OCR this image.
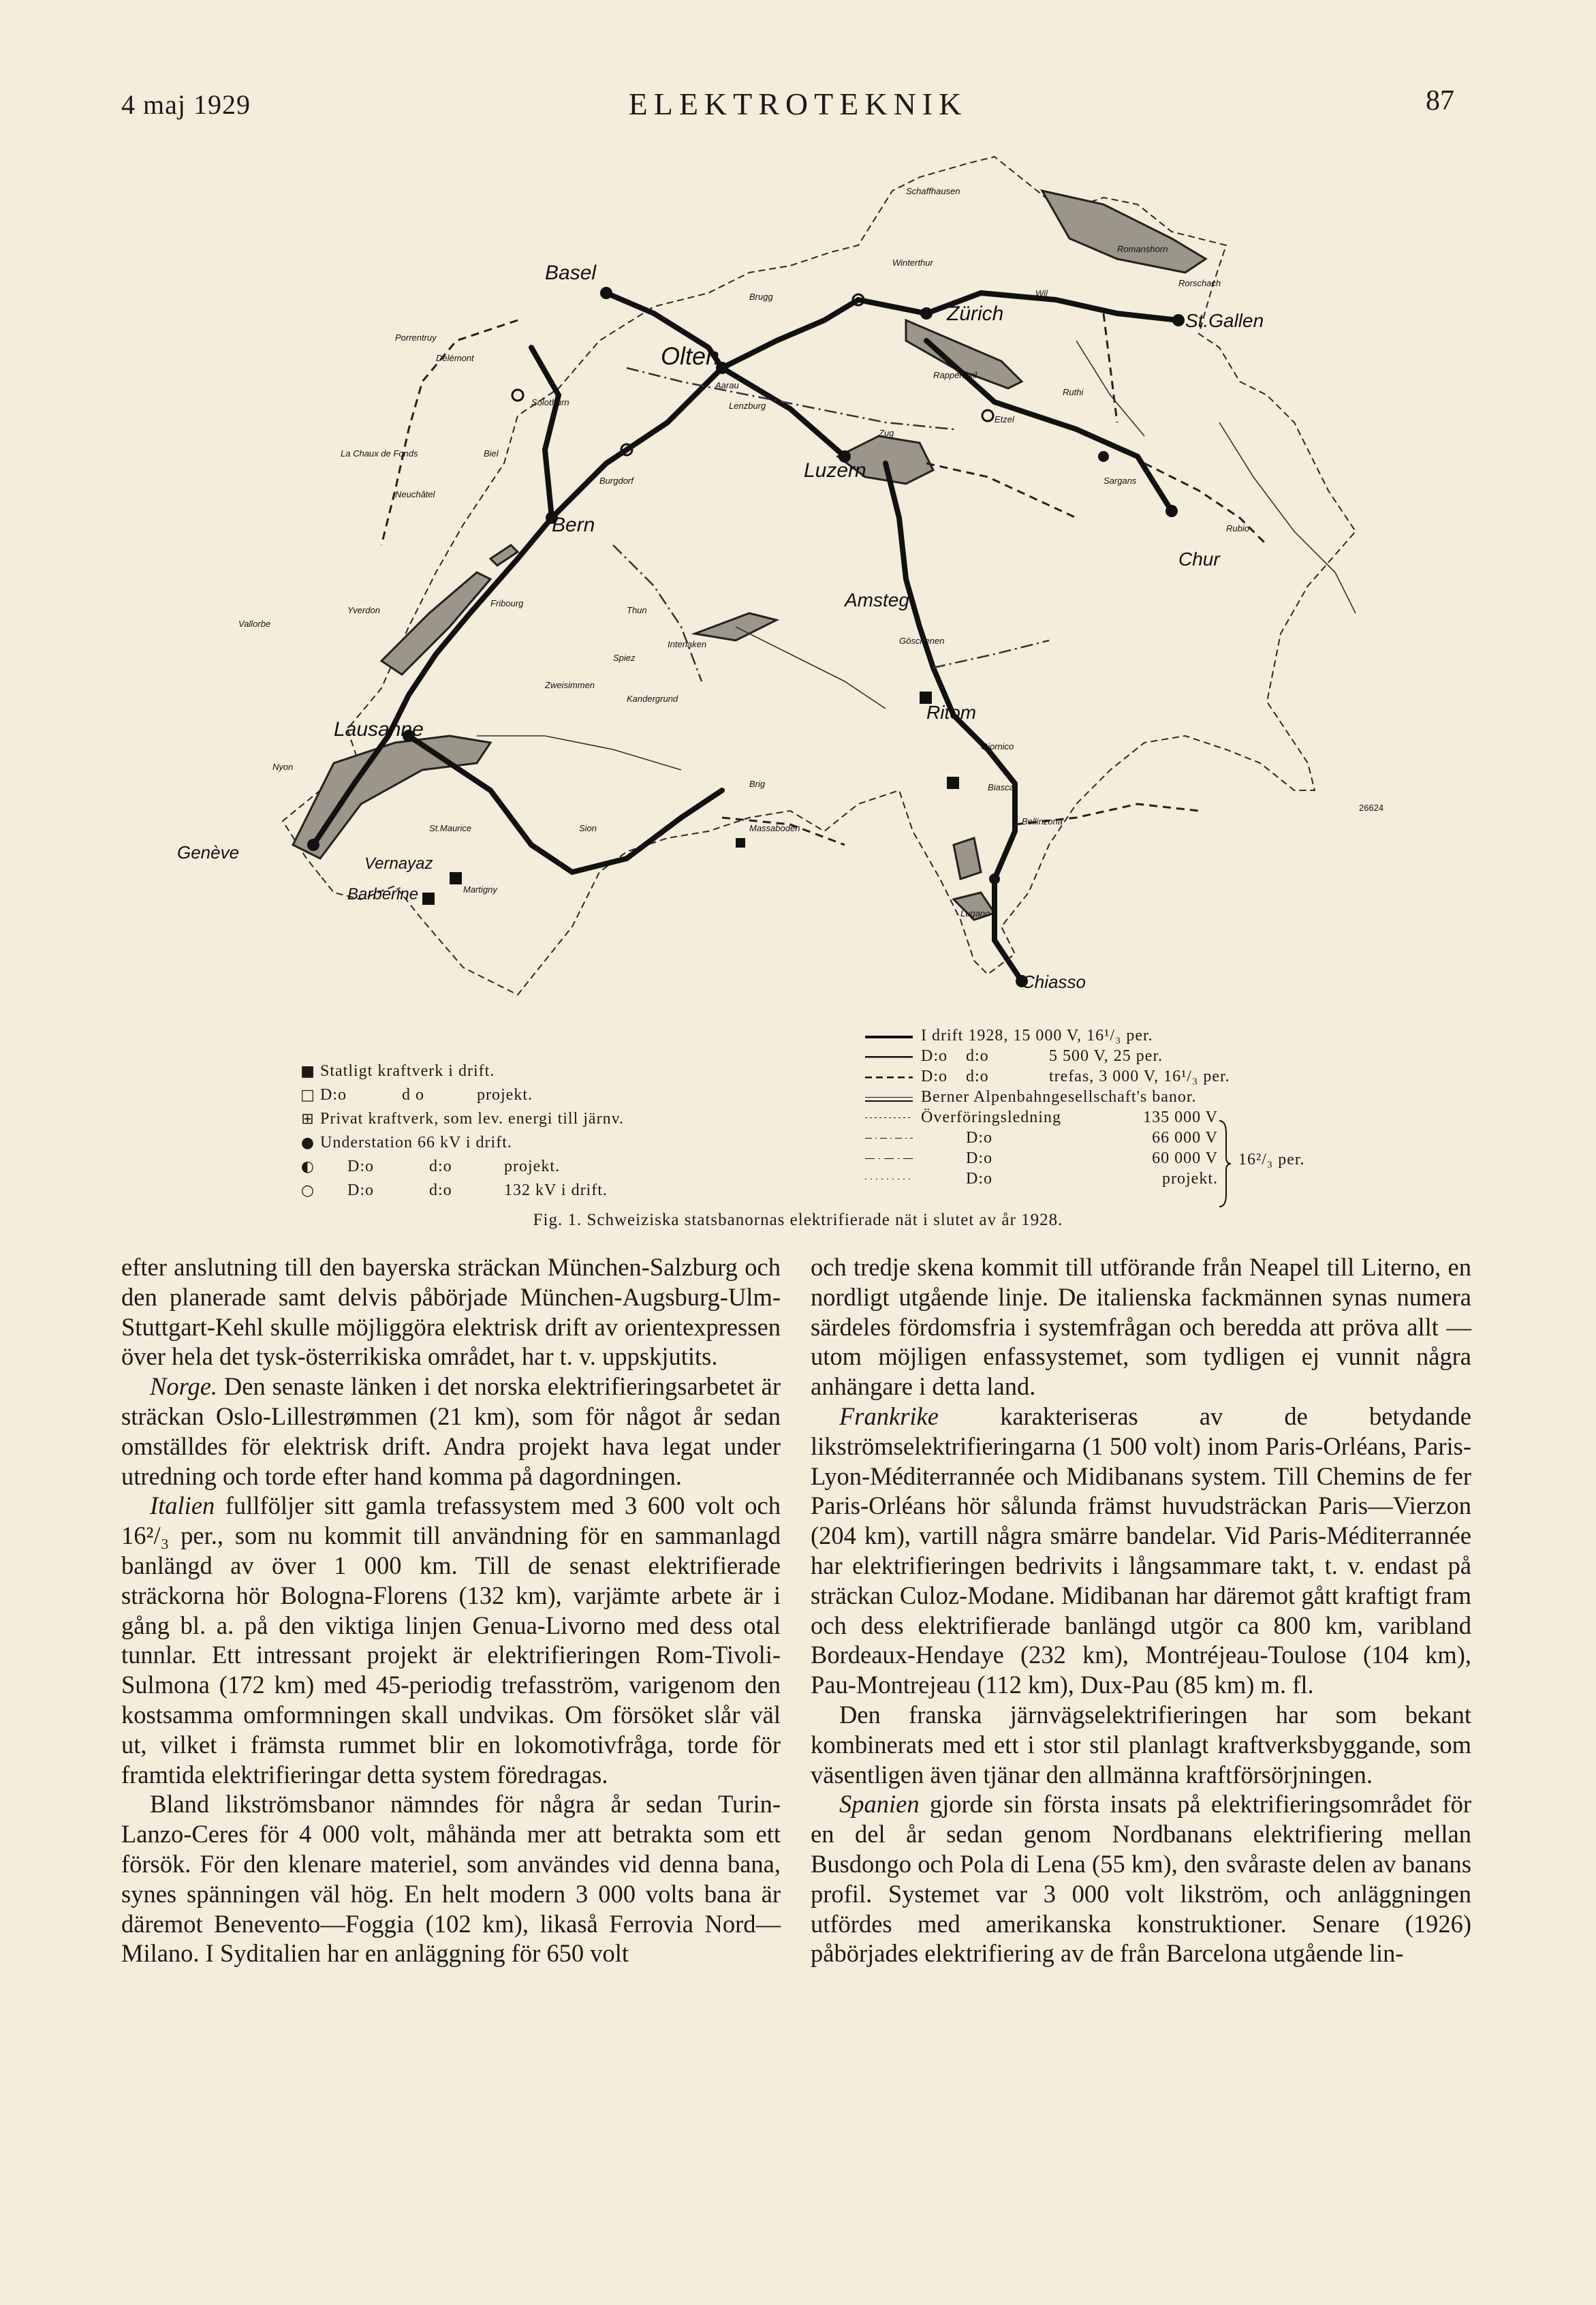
4 maj 1929	ELEKTROTEKNIK	87
Basel
Olten
Zürich	St.Gallen
Luzern
Bern
Lausanne
Genève
Amsteg
Ritom
Chur
Chiasso
Vernayaz
Barberine
Schaffhausen
Winterthur
Romanshorn
Rorschach
Rapperswil
Zug
Sargans
Thun
Brig
Sion
Bellinzona
Lugano
Biel
Solothurn
Burgdorf
Yverdon
Neuchâtel
Fribourg
Interlaken
Spiez
Brugg
Aarau
Göschenen
Giornico
Massaboden
Kandergrund
Martigny
St.Maurice
Nyon
Vallorbe
Delémont
Porrentruy
La Chaux de Fonds
Wil
Rubio
Biasca
Ruthi
Etzel
Zweisimmen
Lenzburg
26624
■ Statligt kraftverk i drift.
□ D:o	d o	projekt.
⊞ Privat kraftverk, som lev. energi till järnv.
● Understation 66 kV i drift.
◐ D:o	d:o	projekt.
○ D:o	d:o	132 kV i drift.
I drift 1928, 15 000 V, 16¹/₃ per.
D:o d:o	5 500 V, 25 per.
D:o d:o	trefas, 3 000 V, 16¹/₃ per.
Berner Alpenbahngesellschaft's banor.
Överföringsledning	135 000 V
D:o	66 000 V
D:o	60 000 V
D:o	projekt.
16²/₃ per.
Fig. 1. Schweiziska statsbanornas elektrifierade nät i slutet av år 1928.

efter anslutning till den bayerska sträckan München-Salzburg och den planerade samt delvis påbörjade München-Augsburg-Ulm-Stuttgart-Kehl skulle möjliggöra elektrisk drift av orientexpressen över hela det tysk-österrikiska området, har t. v. uppskjutits.

Norge. Den senaste länken i det norska elektrifieringsarbetet är sträckan Oslo-Lillestrømmen (21 km), som för något år sedan omställdes för elektrisk drift. Andra projekt hava legat under utredning och torde efter hand komma på dagordningen.

Italien fullföljer sitt gamla trefassystem med 3 600 volt och 16²/₃ per., som nu kommit till användning för en sammanlagd banlängd av över 1 000 km. Till de senast elektrifierade sträckorna hör Bologna-Florens (132 km), varjämte arbete är i gång bl. a. på den viktiga linjen Genua-Livorno med dess otal tunnlar. Ett intressant projekt är elektrifieringen Rom-Tivoli-Sulmona (172 km) med 45-periodig trefasström, varigenom den kostsamma omformningen skall undvikas. Om försöket slår väl ut, vilket i främsta rummet blir en lokomotivfråga, torde för framtida elektrifieringar detta system föredragas.

Bland likströmsbanor nämndes för några år sedan Turin-Lanzo-Ceres för 4 000 volt, måhända mer att betrakta som ett försök. För den klenare materiel, som användes vid denna bana, synes spänningen väl hög. En helt modern 3 000 volts bana är däremot Benevento—Foggia (102 km), likaså Ferrovia Nord—Milano. I Syditalien har en anläggning för 650 volt

och tredje skena kommit till utförande från Neapel till Literno, en nordligt utgående linje. De italienska fackmännen synas numera särdeles fördomsfria i systemfrågan och beredda att pröva allt — utom möjligen enfassystemet, som tydligen ej vunnit några anhängare i detta land.

Frankrike karakteriseras av de betydande likströmselektrifieringarna (1 500 volt) inom Paris-Orléans, Paris-Lyon-Méditerrannée och Midibanans system. Till Chemins de fer Paris-Orléans hör sålunda främst huvudsträckan Paris—Vierzon (204 km), vartill några smärre bandelar. Vid Paris-Méditerrannée har elektrifieringen bedrivits i långsammare takt, t. v. endast på sträckan Culoz-Modane. Midibanan har däremot gått kraftigt fram och dess elektrifierade banlängd utgör ca 800 km, varibland Bordeaux-Hendaye (232 km), Montréjeau-Toulose (104 km), Pau-Montrejeau (112 km), Dux-Pau (85 km) m. fl.

Den franska järnvägselektrifieringen har som bekant kombinerats med ett i stor stil planlagt kraftverksbyggande, som väsentligen även tjänar den allmänna kraftförsörjningen.

Spanien gjorde sin första insats på elektrifieringsområdet för en del år sedan genom Nordbanans elektrifiering mellan Busdongo och Pola di Lena (55 km), den svåraste delen av banans profil. Systemet var 3 000 volt likström, och anläggningen utfördes med amerikanska konstruktioner. Senare (1926) påbörjades elektrifiering av de från Barcelona utgående lin-
